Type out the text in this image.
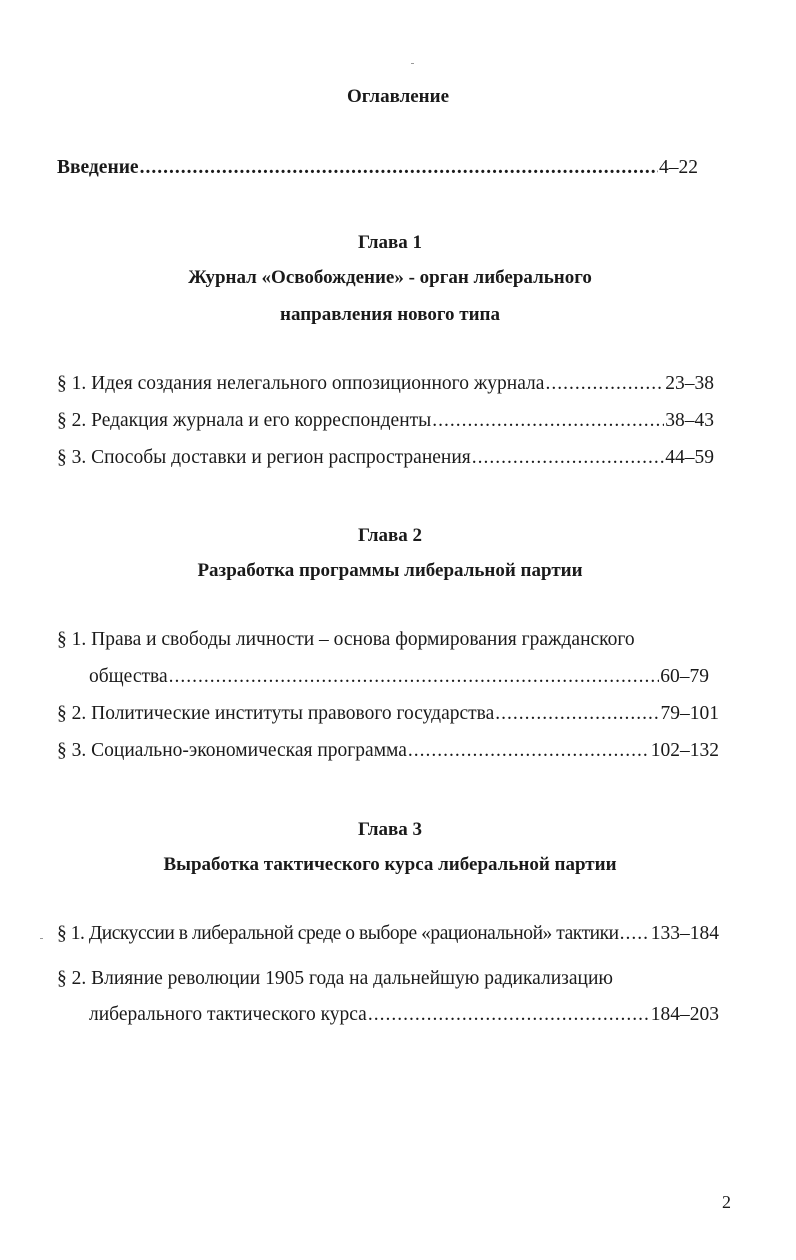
Оглавление
Введение .....	4–22
Глава 1
Журнал «Освобождение» - орган либерального
направления нового типа
§ 1. Идея создания нелегального оппозиционного журнала .....	23–38
§ 2. Редакция журнала и его корреспонденты .....	38–43
§ 3. Способы доставки и регион распространения .....	44–59
Глава 2
Разработка программы либеральной партии
§ 1. Права и свободы личности – основа формирования гражданского
общества .....	60–79
§ 2. Политические институты правового государства .....	79–101
§ 3. Социально-экономическая программа .....	102–132
Глава 3
Выработка тактического курса либеральной партии
§ 1. Дискуссии в либеральной среде о выборе «рациональной» тактики ..... 133–184
§ 2. Влияние революции 1905 года на дальнейшую радикализацию
либерального тактического курса .....	184–203
2
